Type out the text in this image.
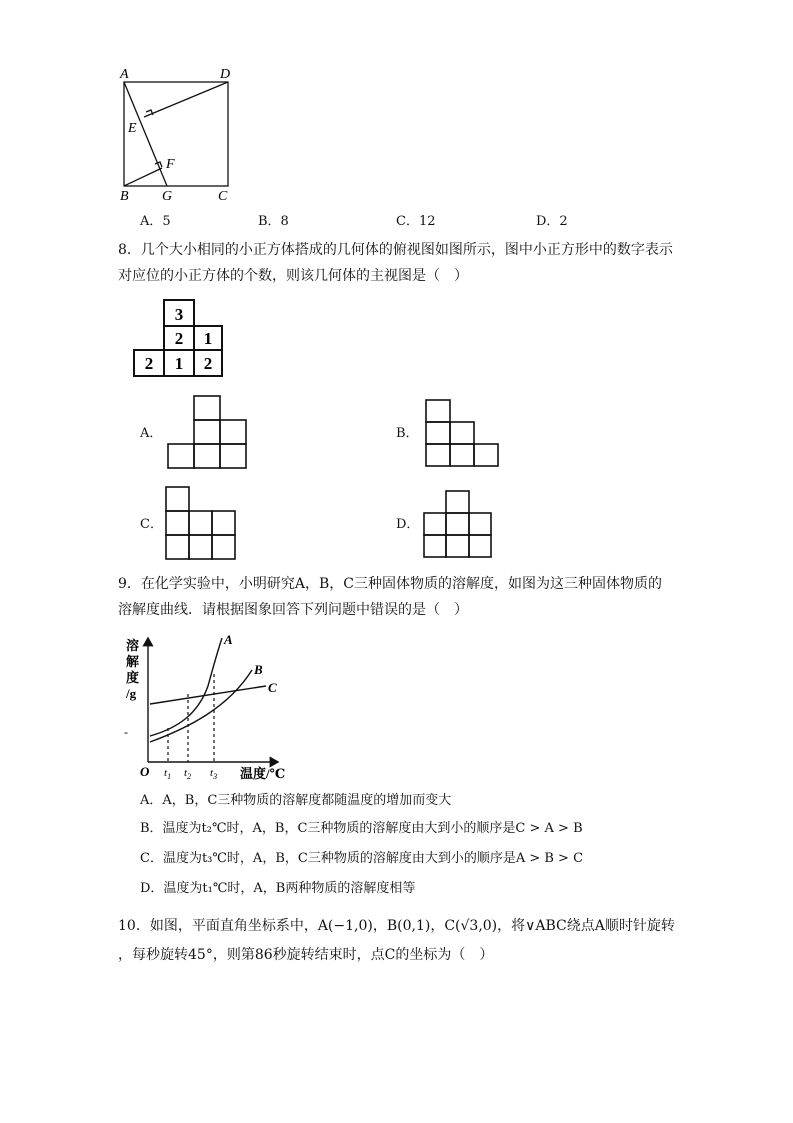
A	D
E
F
B G	C
A．5	B．8	C．12	D．2
8．几个大小相同的小正方体搭成的几何体的俯视图如图所示，图中小正方形中的数字表示
对应位的小正方体的个数，则该几何体的主视图是（　）
3
2 1
2 1 2
A．	B．
C．	D．
9．在化学实验中，小明研究A，B，C三种固体物质的溶解度，如图为这三种固体物质的
溶解度曲线．请根据图象回答下列问题中错误的是（　）
溶
解
度
/g
温度/℃
-
O $t_1$ $t_2$ $t_3$
A
B
C
A．A，B，C三种物质的溶解度都随温度的增加而变大
B．温度为t₂℃时，A，B，C三种物质的溶解度由大到小的顺序是C > A > B
C．温度为t₃℃时，A，B，C三种物质的溶解度由大到小的顺序是A > B > C
D．温度为t₁℃时，A，B两种物质的溶解度相等
10．如图，平面直角坐标系中，A(−1,0)，B(0,1)，C(√3,0)，将∨ABC绕点A顺时针旋转
，每秒旋转45°，则第86秒旋转结束时，点C的坐标为（　）
